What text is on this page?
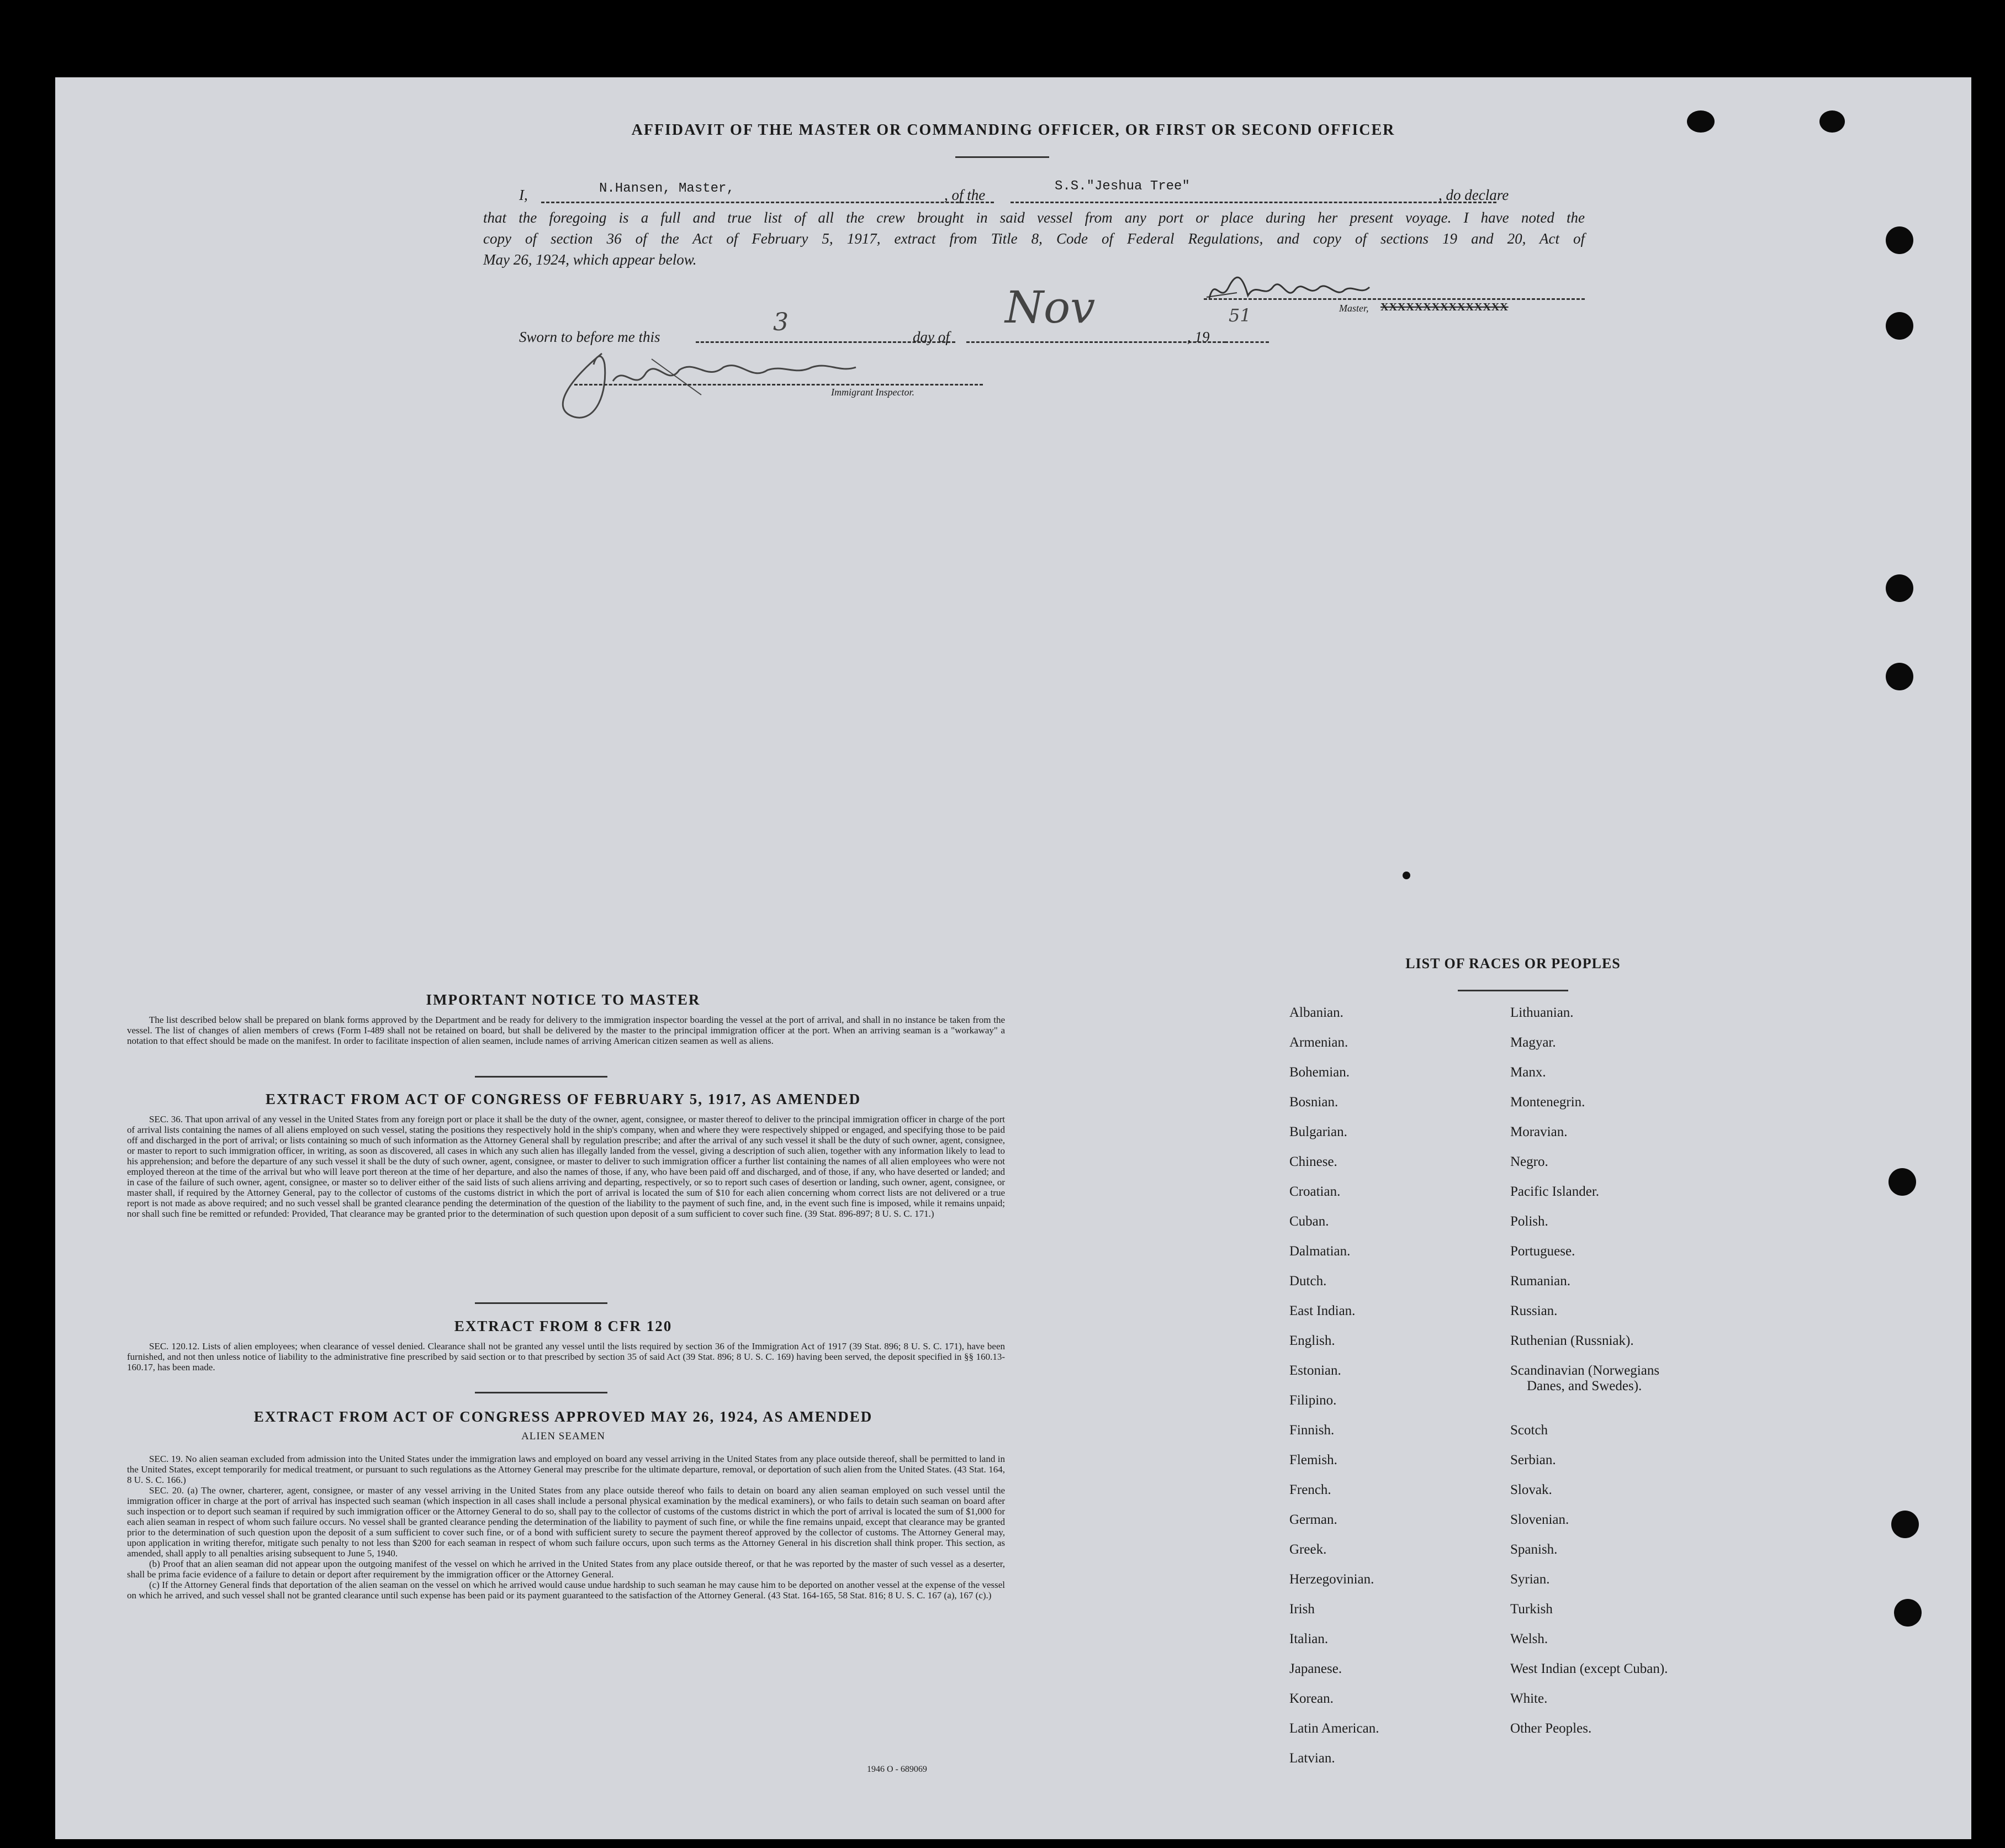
AFFIDAVIT OF THE MASTER OR COMMANDING OFFICER, OR FIRST OR SECOND OFFICER
I,	N.Hansen, Master,	, of the
S.S."Jeshua Tree"
, do declare
that the foregoing is a full and true list of all the crew brought in said vessel from any port or place during her present voyage. I have noted the
copy of section 36 of the Act of February 5, 1917, extract from Title 8, Code of Federal Regulations, and copy of sections 19 and 20, Act of
May 26, 1924, which appear below.
Master, XXXXXXXXXXXXXXX
Sworn to before me this
3
day of
Nov
, 19
51
Immigrant Inspector.
IMPORTANT NOTICE TO MASTER

The list described below shall be prepared on blank forms approved by the Department and be ready for delivery to the immigration inspector boarding the vessel at the port of arrival, and shall in no instance be taken from the vessel. The list of changes of alien members of crews (Form I-489 shall not be retained on board, but shall be delivered by the master to the principal immigration officer at the port. When an arriving seaman is a "workaway" a notation to that effect should be made on the manifest. In order to facilitate inspection of alien seamen, include names of arriving American citizen seamen as well as aliens.

EXTRACT FROM ACT OF CONGRESS OF FEBRUARY 5, 1917, AS AMENDED

SEC. 36. That upon arrival of any vessel in the United States from any foreign port or place it shall be the duty of the owner, agent, consignee, or master thereof to deliver to the principal immigration officer in charge of the port of arrival lists containing the names of all aliens employed on such vessel, stating the positions they respectively hold in the ship's company, when and where they were respectively shipped or engaged, and specifying those to be paid off and discharged in the port of arrival; or lists containing so much of such information as the Attorney General shall by regulation prescribe; and after the arrival of any such vessel it shall be the duty of such owner, agent, consignee, or master to report to such immigration officer, in writing, as soon as discovered, all cases in which any such alien has illegally landed from the vessel, giving a description of such alien, together with any information likely to lead to his apprehension; and before the departure of any such vessel it shall be the duty of such owner, agent, consignee, or master to deliver to such immigration officer a further list containing the names of all alien employees who were not employed thereon at the time of the arrival but who will leave port thereon at the time of her departure, and also the names of those, if any, who have been paid off and discharged, and of those, if any, who have deserted or landed; and in case of the failure of such owner, agent, consignee, or master so to deliver either of the said lists of such aliens arriving and departing, respectively, or so to report such cases of desertion or landing, such owner, agent, consignee, or master shall, if required by the Attorney General, pay to the collector of customs of the customs district in which the port of arrival is located the sum of $10 for each alien concerning whom correct lists are not delivered or a true report is not made as above required; and no such vessel shall be granted clearance pending the determination of the question of the liability to the payment of such fine, and, in the event such fine is imposed, while it remains unpaid; nor shall such fine be remitted or refunded: Provided, That clearance may be granted prior to the determination of such question upon deposit of a sum sufficient to cover such fine. (39 Stat. 896-897; 8 U. S. C. 171.)

EXTRACT FROM 8 CFR 120

SEC. 120.12. Lists of alien employees; when clearance of vessel denied. Clearance shall not be granted any vessel until the lists required by section 36 of the Immigration Act of 1917 (39 Stat. 896; 8 U. S. C. 171), have been furnished, and not then unless notice of liability to the administrative fine prescribed by said section or to that prescribed by section 35 of said Act (39 Stat. 896; 8 U. S. C. 169) having been served, the deposit specified in §§ 160.13-160.17, has been made.

EXTRACT FROM ACT OF CONGRESS APPROVED MAY 26, 1924, AS AMENDED
ALIEN SEAMEN

SEC. 19. No alien seaman excluded from admission into the United States under the immigration laws and employed on board any vessel arriving in the United States from any place outside thereof, shall be permitted to land in the United States, except temporarily for medical treatment, or pursuant to such regulations as the Attorney General may prescribe for the ultimate departure, removal, or deportation of such alien from the United States. (43 Stat. 164, 8 U. S. C. 166.)

SEC. 20. (a) The owner, charterer, agent, consignee, or master of any vessel arriving in the United States from any place outside thereof who fails to detain on board any alien seaman employed on such vessel until the immigration officer in charge at the port of arrival has inspected such seaman (which inspection in all cases shall include a personal physical examination by the medical examiners), or who fails to detain such seaman on board after such inspection or to deport such seaman if required by such immigration officer or the Attorney General to do so, shall pay to the collector of customs of the customs district in which the port of arrival is located the sum of $1,000 for each alien seaman in respect of whom such failure occurs. No vessel shall be granted clearance pending the determination of the liability to payment of such fine, or while the fine remains unpaid, except that clearance may be granted prior to the determination of such question upon the deposit of a sum sufficient to cover such fine, or of a bond with sufficient surety to secure the payment thereof approved by the collector of customs. The Attorney General may, upon application in writing therefor, mitigate such penalty to not less than $200 for each seaman in respect of whom such failure occurs, upon such terms as the Attorney General in his discretion shall think proper. This section, as amended, shall apply to all penalties arising subsequent to June 5, 1940.

(b) Proof that an alien seaman did not appear upon the outgoing manifest of the vessel on which he arrived in the United States from any place outside thereof, or that he was reported by the master of such vessel as a deserter, shall be prima facie evidence of a failure to detain or deport after requirement by the immigration officer or the Attorney General.

(c) If the Attorney General finds that deportation of the alien seaman on the vessel on which he arrived would cause undue hardship to such seaman he may cause him to be deported on another vessel at the expense of the vessel on which he arrived, and such vessel shall not be granted clearance until such expense has been paid or its payment guaranteed to the satisfaction of the Attorney General. (43 Stat. 164-165, 58 Stat. 816; 8 U. S. C. 167 (a), 167 (c).)

1946 O - 689069
LIST OF RACES OR PEOPLES
Albanian.
Armenian.
Bohemian.
Bosnian.
Bulgarian.
Chinese.
Croatian.
Cuban.
Dalmatian.
Dutch.
East Indian.
English.
Estonian.
Filipino.
Finnish.
Flemish.
French.
German.
Greek.
Herzegovinian.
Irish
Italian.
Japanese.
Korean.
Latin American.
Latvian.
Lithuanian.
Magyar.
Manx.
Montenegrin.
Moravian.
Negro.
Pacific Islander.
Polish.
Portuguese.
Rumanian.
Russian.
Ruthenian (Russniak).
Scandinavian (Norwegians
Danes, and Swedes).
Scotch
Serbian.
Slovak.
Slovenian.
Spanish.
Syrian.
Turkish
Welsh.
West Indian (except Cuban).
White.
Other Peoples.
